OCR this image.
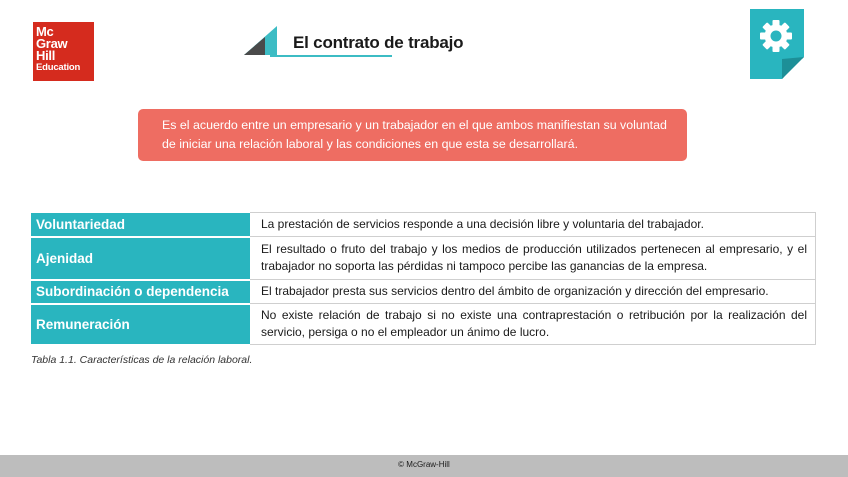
Mc
Graw
Hill
Education
El contrato de trabajo
Es el acuerdo entre un empresario y un trabajador en el que ambos manifiestan su voluntad de iniciar una relación laboral y las condiciones en que esta se desarrollará.
Voluntariedad	La prestación de servicios responde a una decisión libre y voluntaria del trabajador.
Ajenidad	El resultado o fruto del trabajo y los medios de producción utilizados pertenecen al empresario, y el trabajador no soporta las pérdidas ni tampoco percibe las ganancias de la empresa.
Subordinación o dependencia	El trabajador presta sus servicios dentro del ámbito de organización y dirección del empresario.
Remuneración	No existe relación de trabajo si no existe una contraprestación o retribución por la realización del servicio, persiga o no el empleador un ánimo de lucro.
Tabla 1.1. Características de la relación laboral.
© McGraw-Hill
